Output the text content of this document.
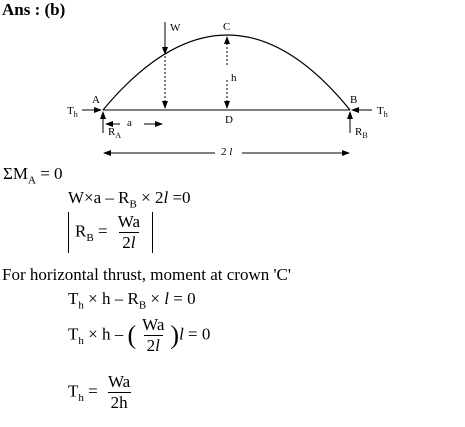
Ans : (b)
W	C
h
A	B
D
a
$T_h$	$T_h$
$R_A$	$R_B$
2 l
$\Sigma M_A = 0$
$W\times a - R_B \times 2l =0$
$R_B = \frac{Wa}{2l}$
For horizontal thrust, moment at crown 'C'
$T_h \times h - R_B \times l = 0$
$T_h \times h$ – ( $\frac{Wa}{2l} )l = 0$
$T_h = \frac{Wa}{2h}$
